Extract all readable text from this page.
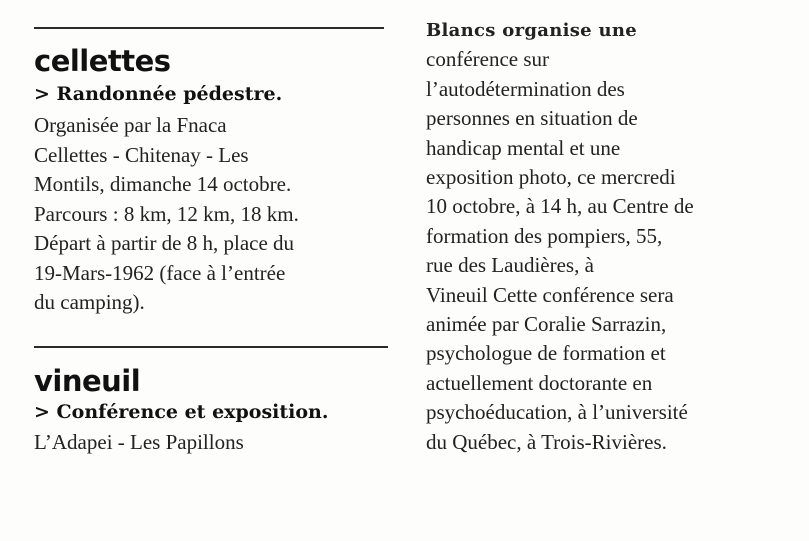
cellettes

> Randonnée pédestre.

Organisée par la Fnaca
Cellettes - Chitenay - Les
Montils, dimanche 14 octobre.
Parcours : 8 km, 12 km, 18 km.
Départ à partir de 8 h, place du
19-Mars-1962 (face à l’entrée
du camping).
vineuil

> Conférence et exposition.

L’Adapei - Les Papillons
Blancs organise une
conférence sur
l’autodétermination des
personnes en situation de
handicap mental et une
exposition photo, ce mercredi
10 octobre, à 14 h, au Centre de
formation des pompiers, 55,
rue des Laudières, à
Vineuil Cette conférence sera
animée par Coralie Sarrazin,
psychologue de formation et
actuellement doctorante en
psychoéducation, à l’université
du Québec, à Trois-Rivières.
